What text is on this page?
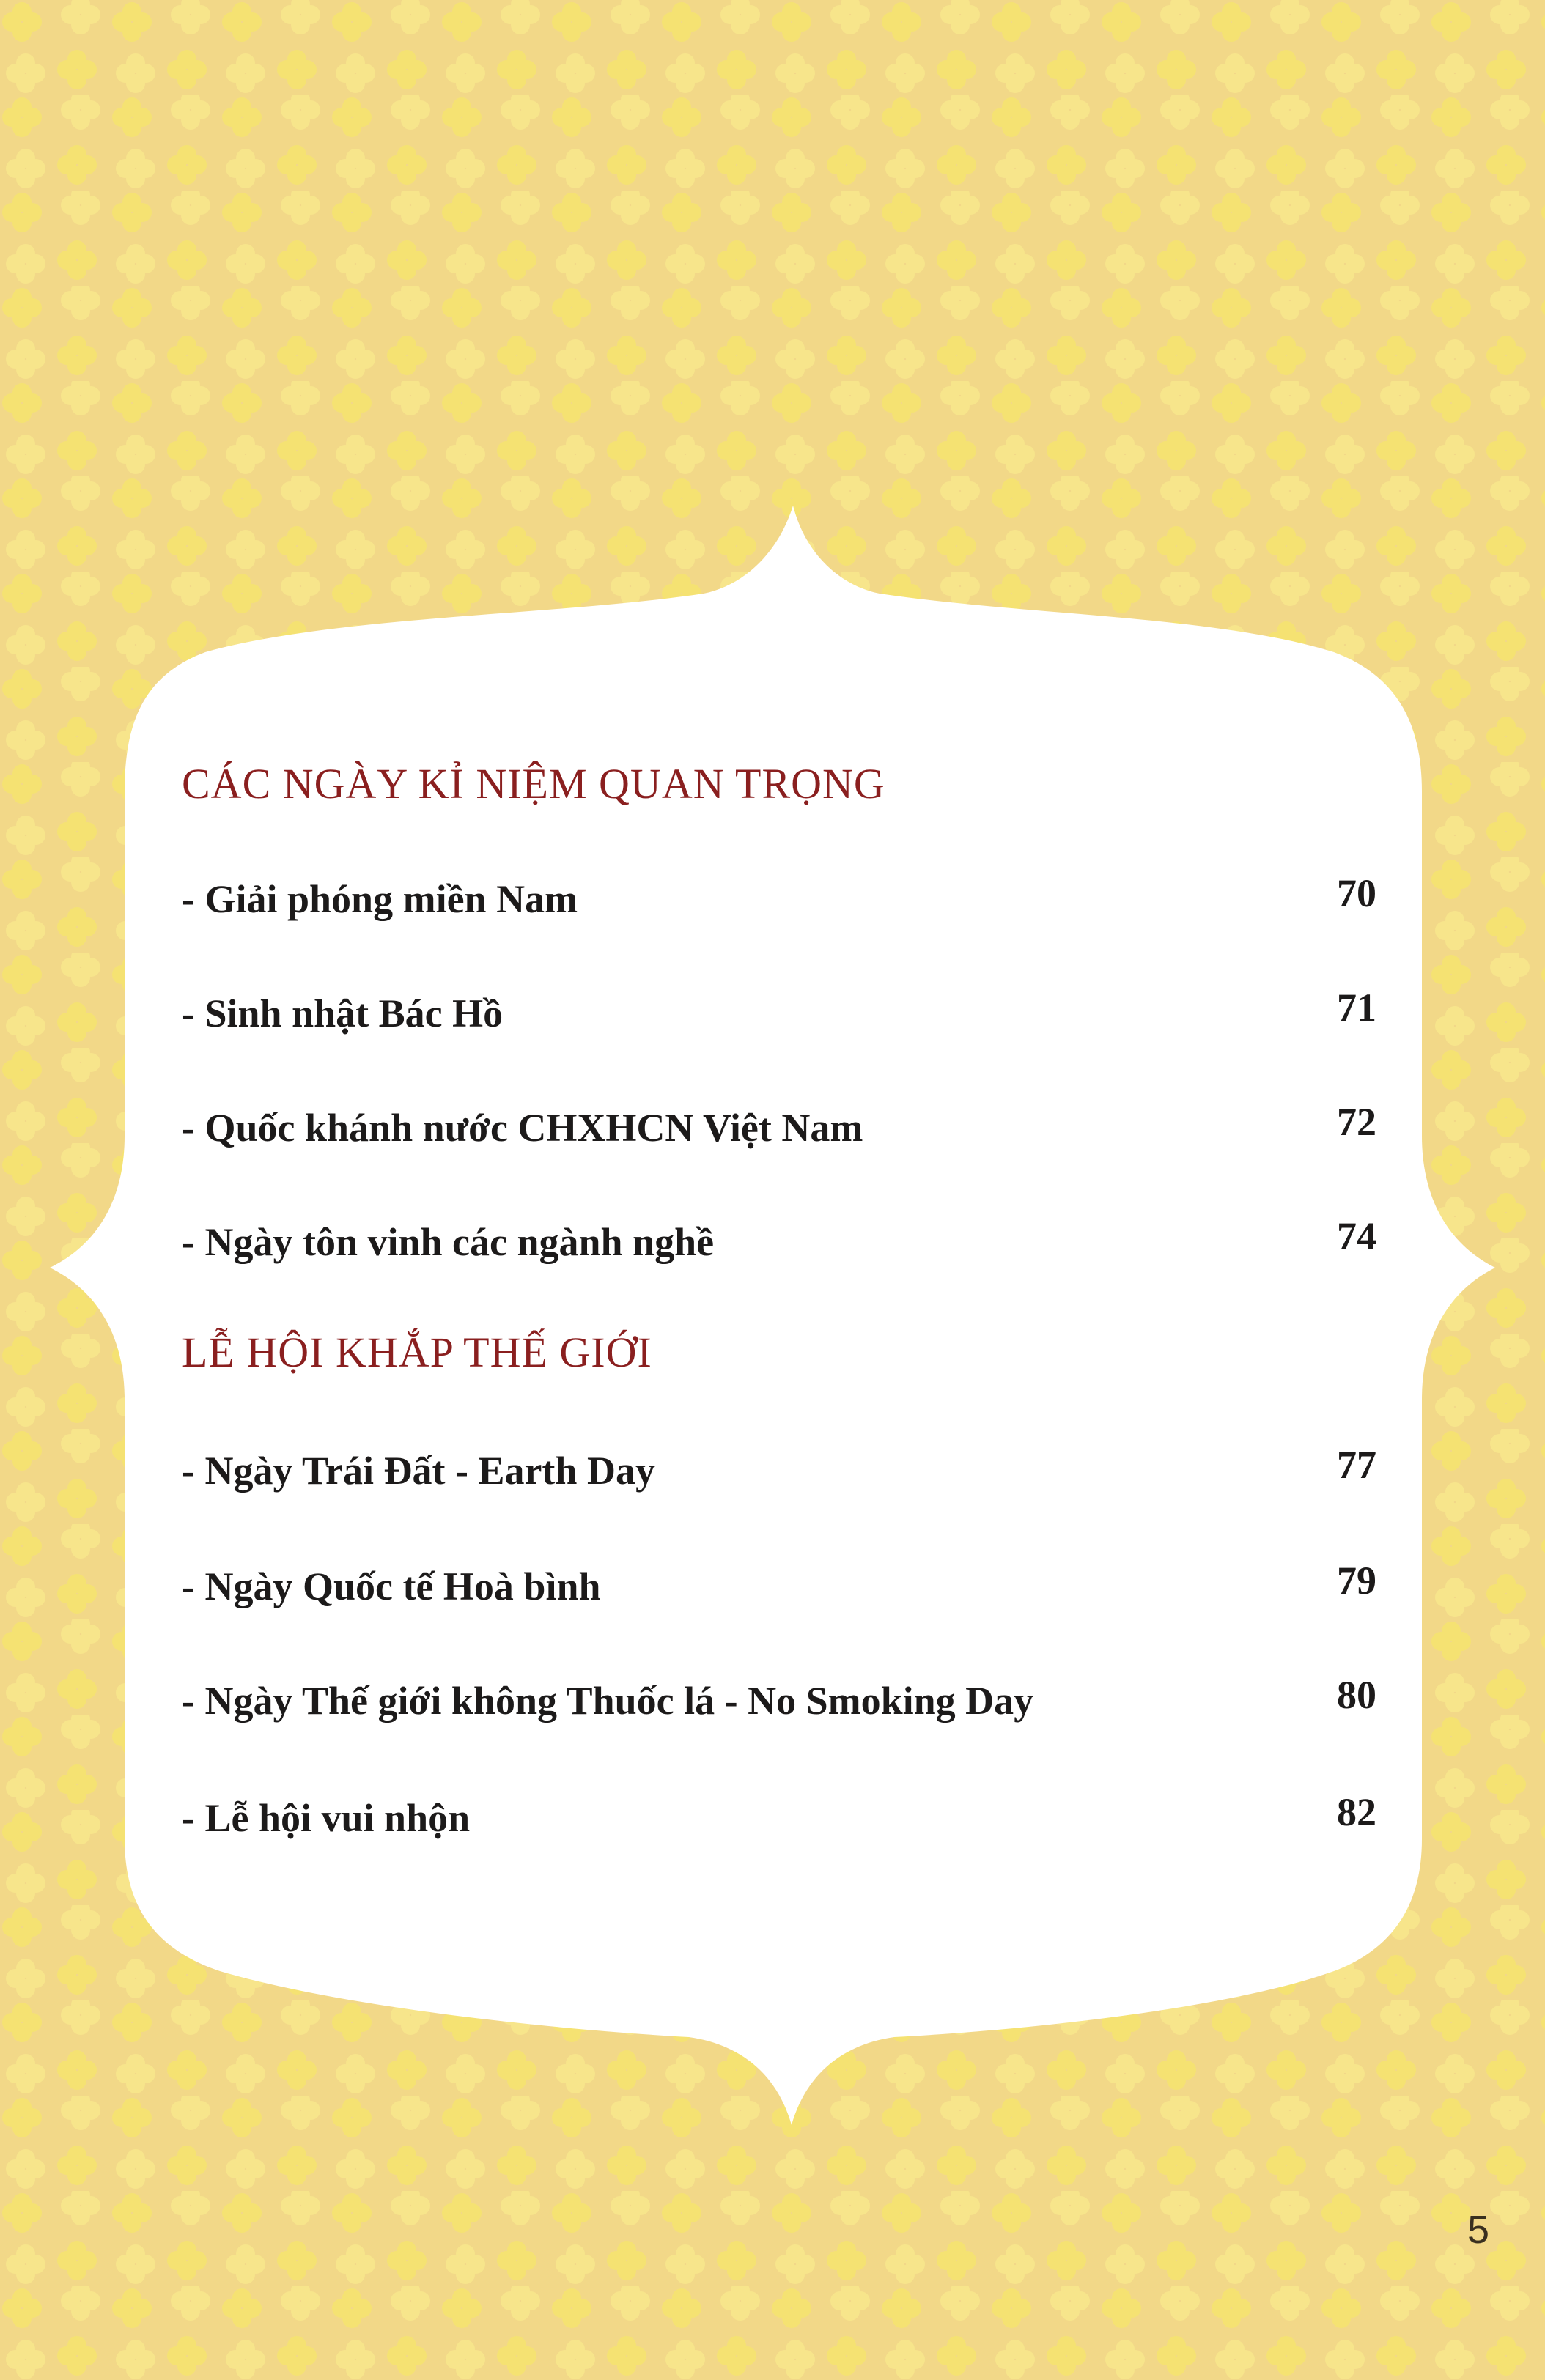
CÁC NGÀY KỈ NIỆM QUAN TRỌNG
- Giải phóng miền Nam	70
- Sinh nhật Bác Hồ	71
- Quốc khánh nước CHXHCN Việt Nam	72
- Ngày tôn vinh các ngành nghề	74
LỄ HỘI KHẮP THẾ GIỚI
- Ngày Trái Đất - Earth Day	77
- Ngày Quốc tế Hoà bình	79
- Ngày Thế giới không Thuốc lá - No Smoking Day	80
- Lễ hội vui nhộn	82
5
